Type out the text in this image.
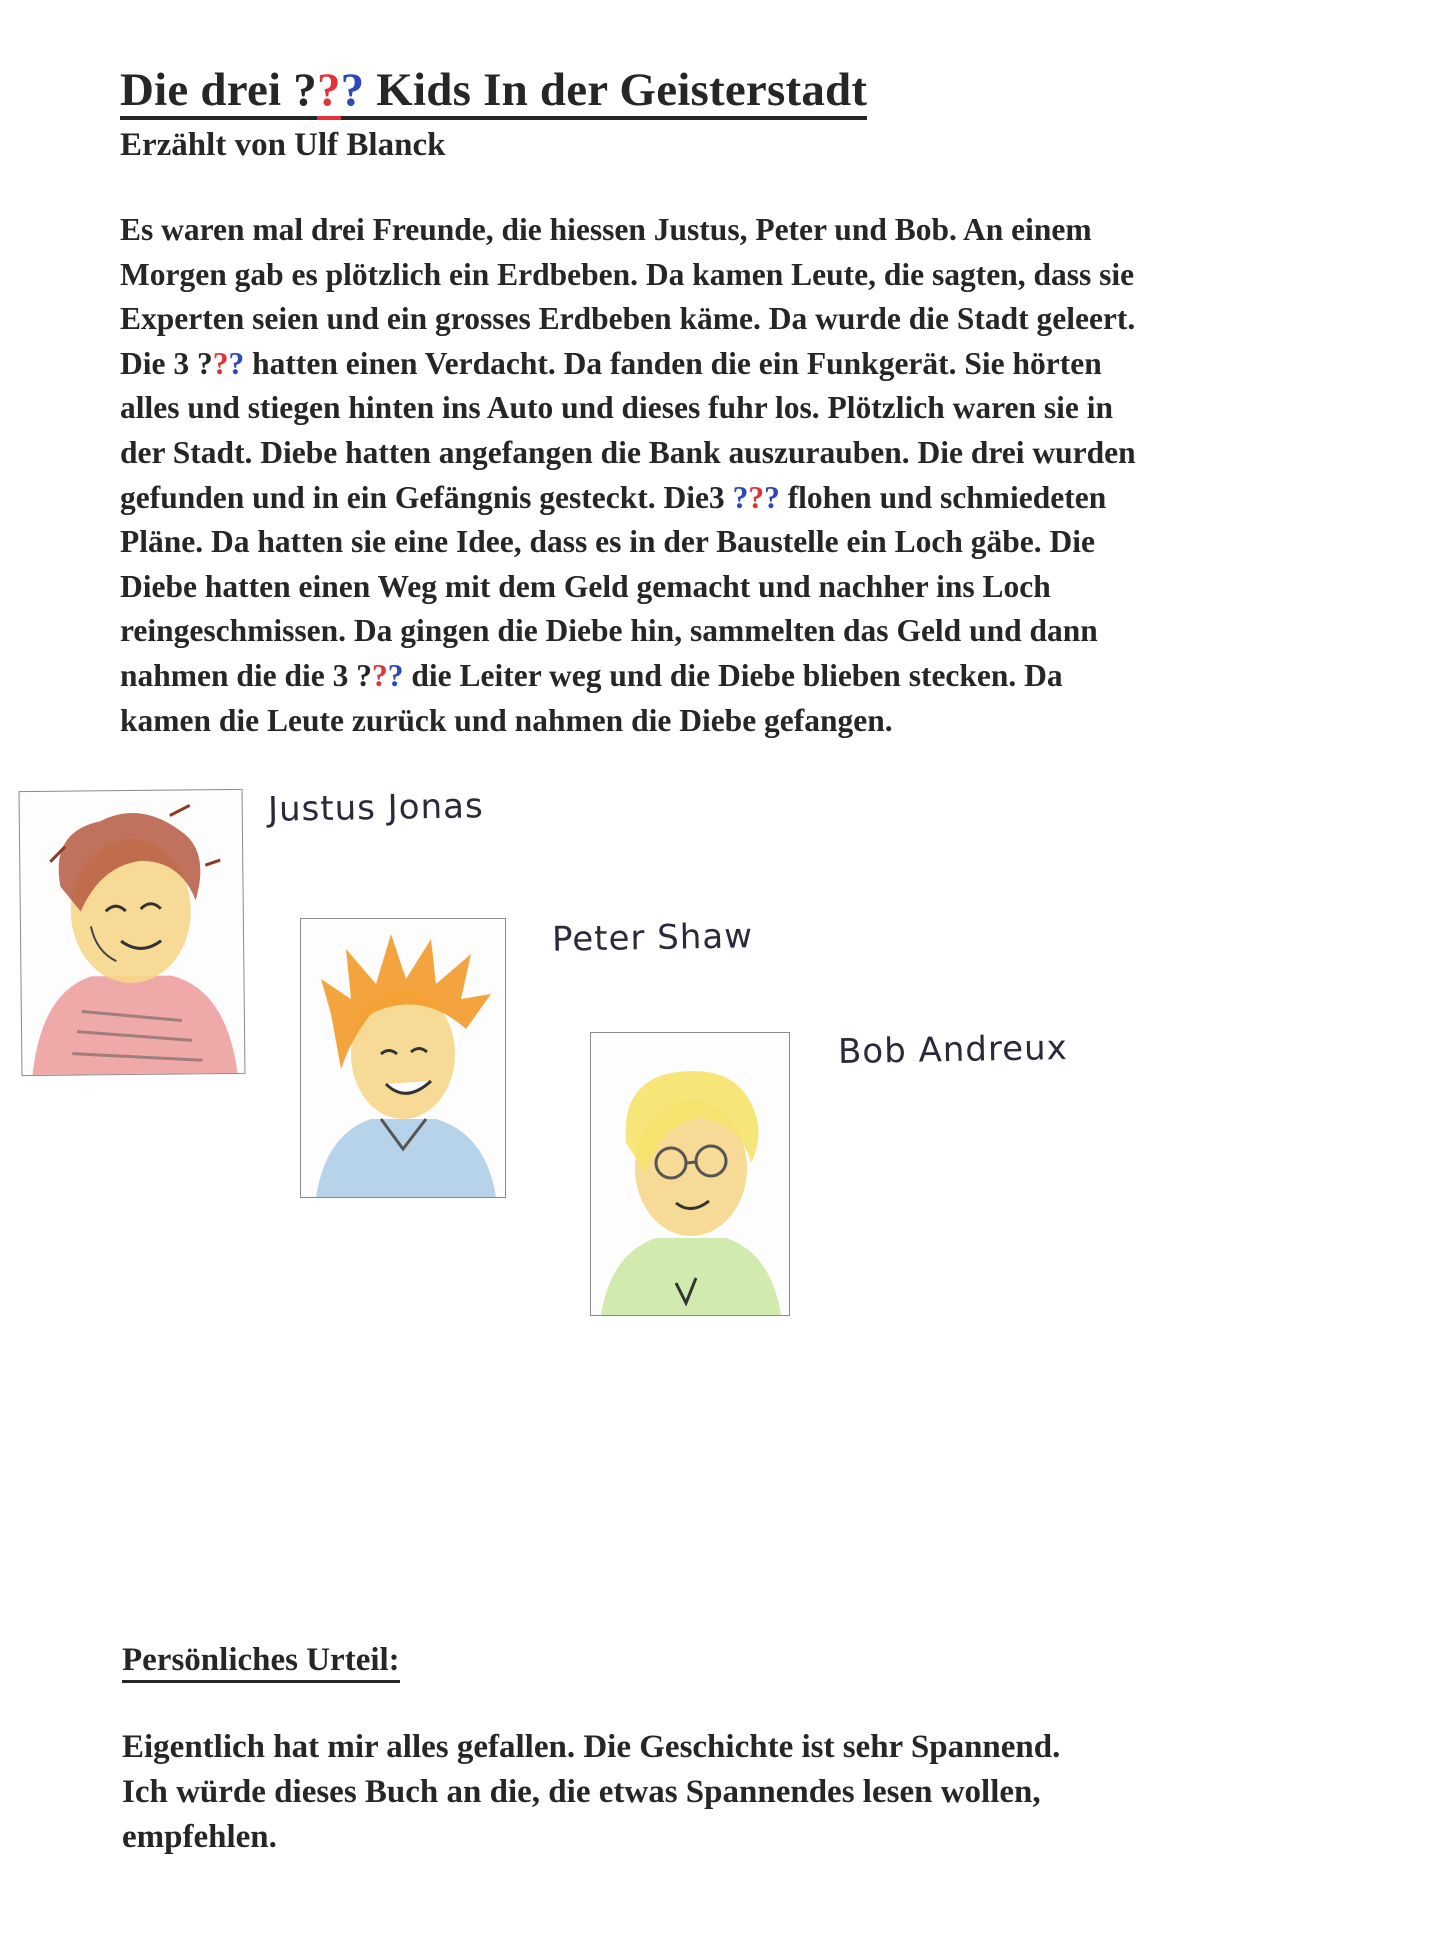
Die drei ??? Kids In der Geisterstadt
Erzählt von Ulf Blanck
Es waren mal drei Freunde, die hiessen Justus, Peter und Bob. An einem
Morgen gab es plötzlich ein Erdbeben. Da kamen Leute, die sagten, dass sie
Experten seien und ein grosses Erdbeben käme. Da wurde die Stadt geleert.
Die 3 ??? hatten einen Verdacht. Da fanden die ein Funkgerät. Sie hörten
alles und stiegen hinten ins Auto und dieses fuhr los. Plötzlich waren sie in
der Stadt. Diebe hatten angefangen die Bank auszurauben. Die drei wurden
gefunden und in ein Gefängnis gesteckt. Die3 ??? flohen und schmiedeten
Pläne. Da hatten sie eine Idee, dass es in der Baustelle ein Loch gäbe. Die
Diebe hatten einen Weg mit dem Geld gemacht und nachher ins Loch
reingeschmissen. Da gingen die Diebe hin, sammelten das Geld und dann
nahmen die die 3 ??? die Leiter weg und die Diebe blieben stecken. Da
kamen die Leute zurück und nahmen die Diebe gefangen.
Justus Jonas
Peter Shaw
Bob Andreux
Persönliches Urteil:
Eigentlich hat mir alles gefallen. Die Geschichte ist sehr Spannend.
Ich würde dieses Buch an die, die etwas Spannendes lesen wollen,
empfehlen.
